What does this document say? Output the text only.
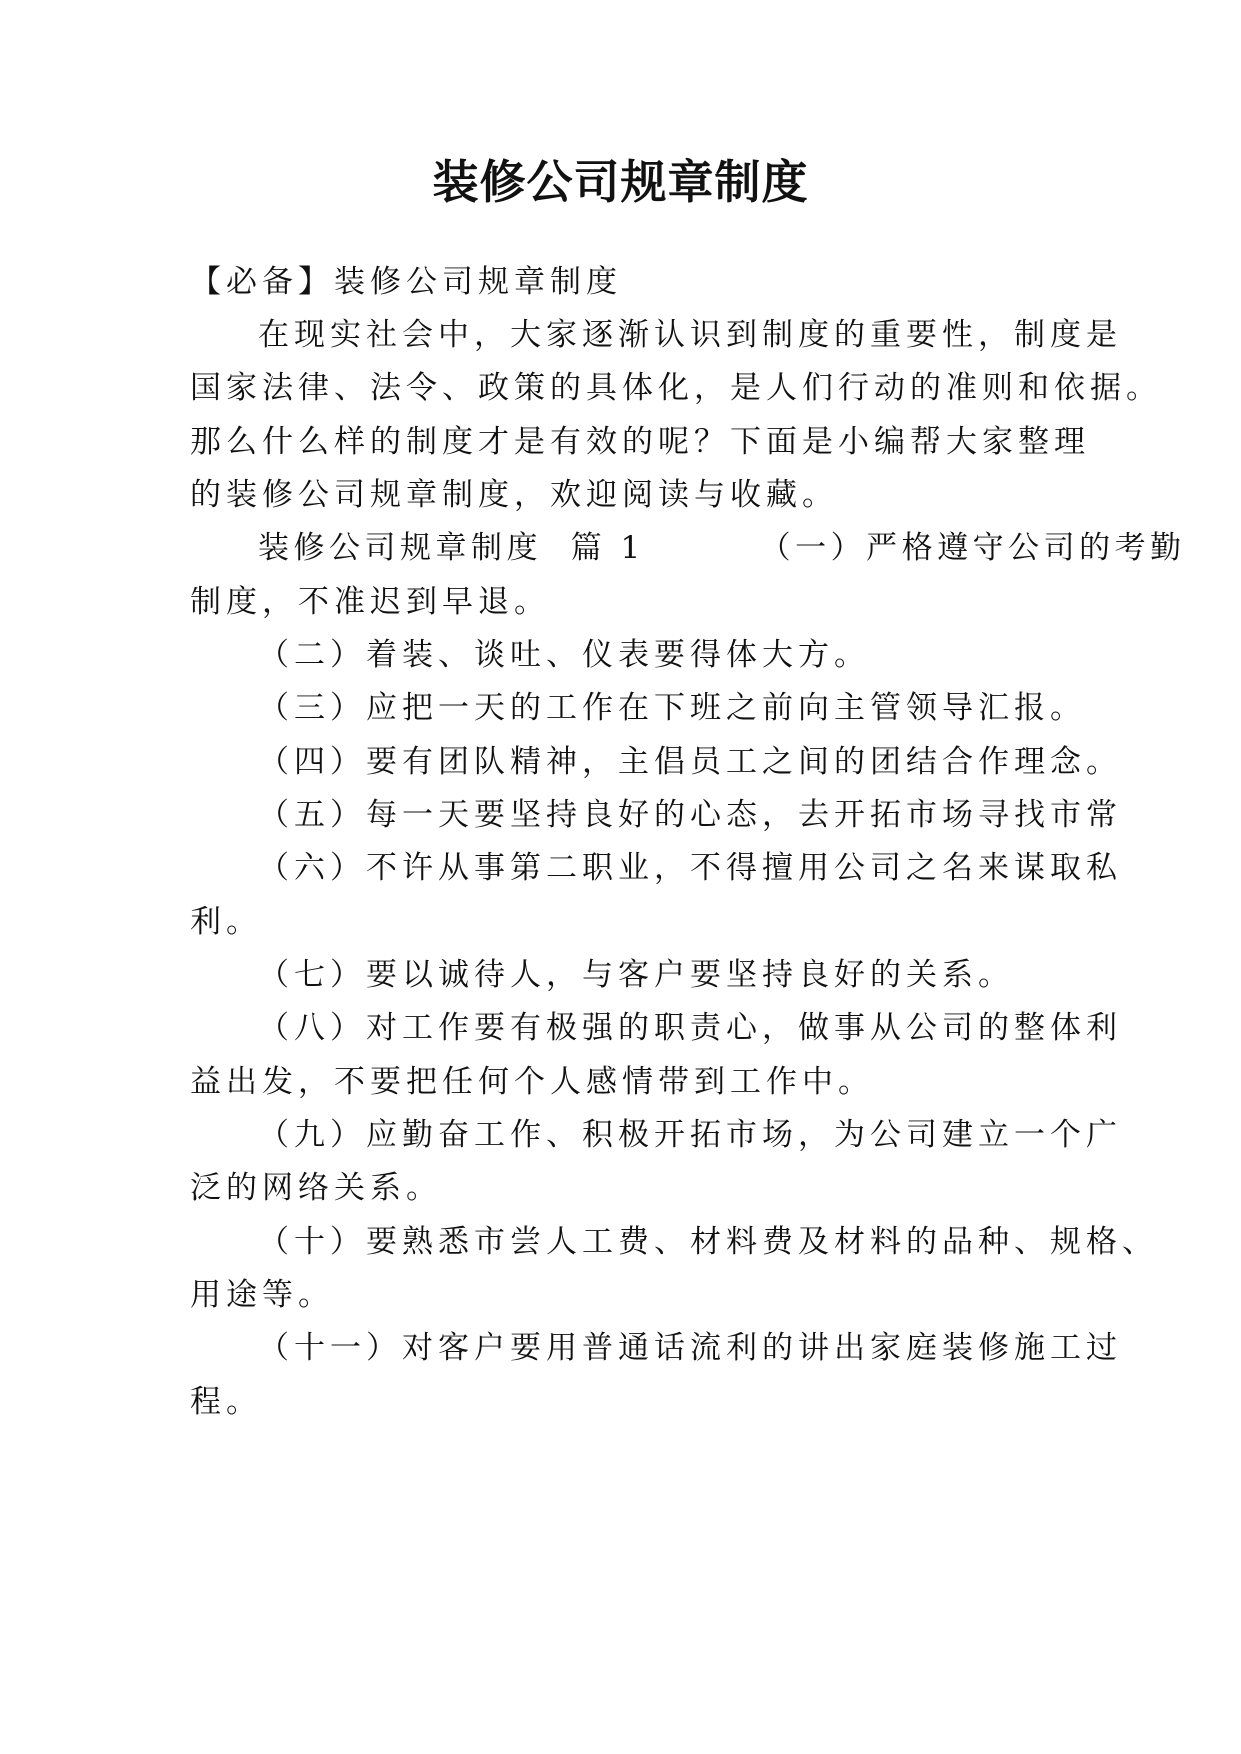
装修公司规章制度
【必备】装修公司规章制度
在现实社会中，大家逐渐认识到制度的重要性，制度是
国家法律、法令、政策的具体化，是人们行动的准则和依据。
那么什么样的制度才是有效的呢？下面是小编帮大家整理
的装修公司规章制度，欢迎阅读与收藏。
装修公司规章制度  篇 1        （一）严格遵守公司的考勤
制度，不准迟到早退。
（二）着装、谈吐、仪表要得体大方。
（三）应把一天的工作在下班之前向主管领导汇报。
（四）要有团队精神，主倡员工之间的团结合作理念。
（五）每一天要坚持良好的心态，去开拓市场寻找市常
（六）不许从事第二职业，不得擅用公司之名来谋取私
利。
（七）要以诚待人，与客户要坚持良好的关系。
（八）对工作要有极强的职责心，做事从公司的整体利
益出发，不要把任何个人感情带到工作中。
（九）应勤奋工作、积极开拓市场，为公司建立一个广
泛的网络关系。
（十）要熟悉市尝人工费、材料费及材料的品种、规格、
用途等。
（十一）对客户要用普通话流利的讲出家庭装修施工过
程。
